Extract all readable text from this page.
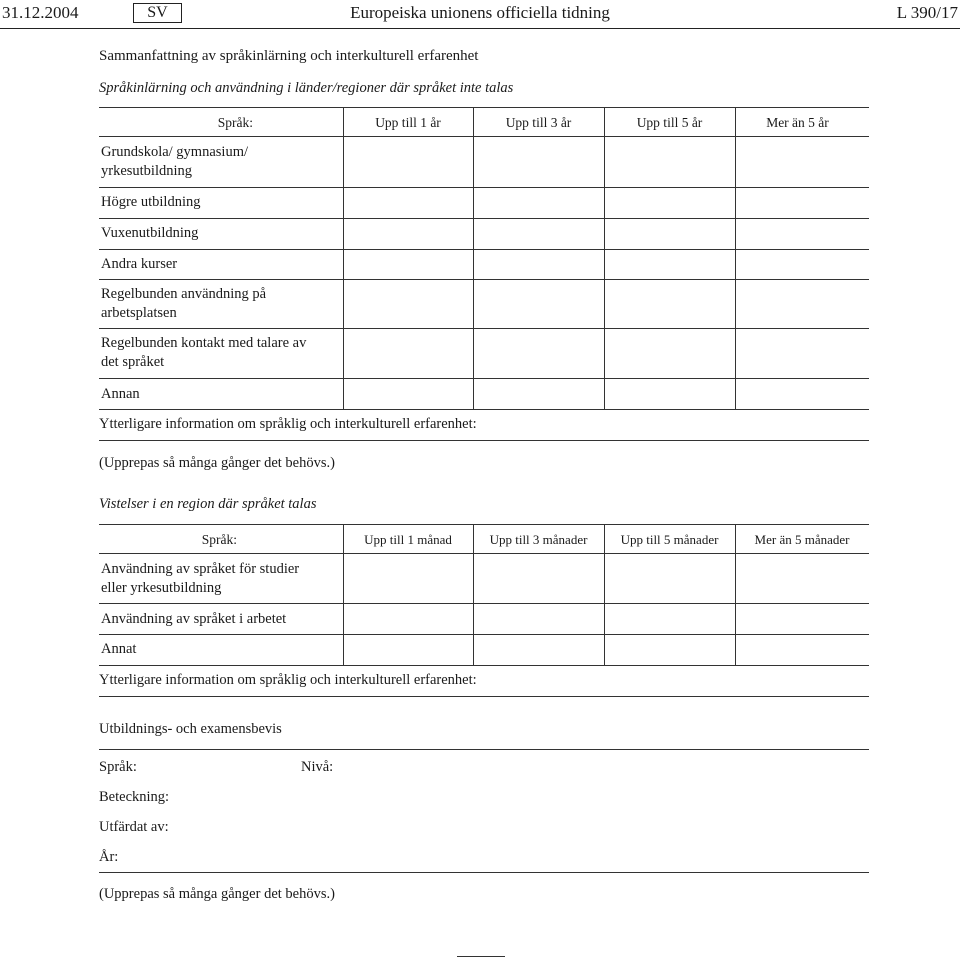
31.12.2004	SV	Europeiska unionens officiella tidning	L 390/17
Sammanfattning av språkinlärning och interkulturell erfarenhet
Språkinlärning och användning i länder/regioner där språket inte talas
Språk:	Upp till 1 år	Upp till 3 år	Upp till 5 år	Mer än 5 år
Grundskola/ gymnasium/
yrkesutbildning
Högre utbildning
Vuxenutbildning
Andra kurser
Regelbunden användning på
arbetsplatsen
Regelbunden kontakt med talare av
det språket
Annan
Ytterligare information om språklig och interkulturell erfarenhet:
(Upprepas så många gånger det behövs.)
Vistelser i en region där språket talas
Språk:	Upp till 1 månad	Upp till 3 månader	Upp till 5 månader	Mer än 5 månader
Användning av språket för studier
eller yrkesutbildning
Användning av språket i arbetet
Annat
Ytterligare information om språklig och interkulturell erfarenhet:
Utbildnings- och examensbevis
Språk:	Nivå:
Beteckning:
Utfärdat av:
År:
(Upprepas så många gånger det behövs.)
